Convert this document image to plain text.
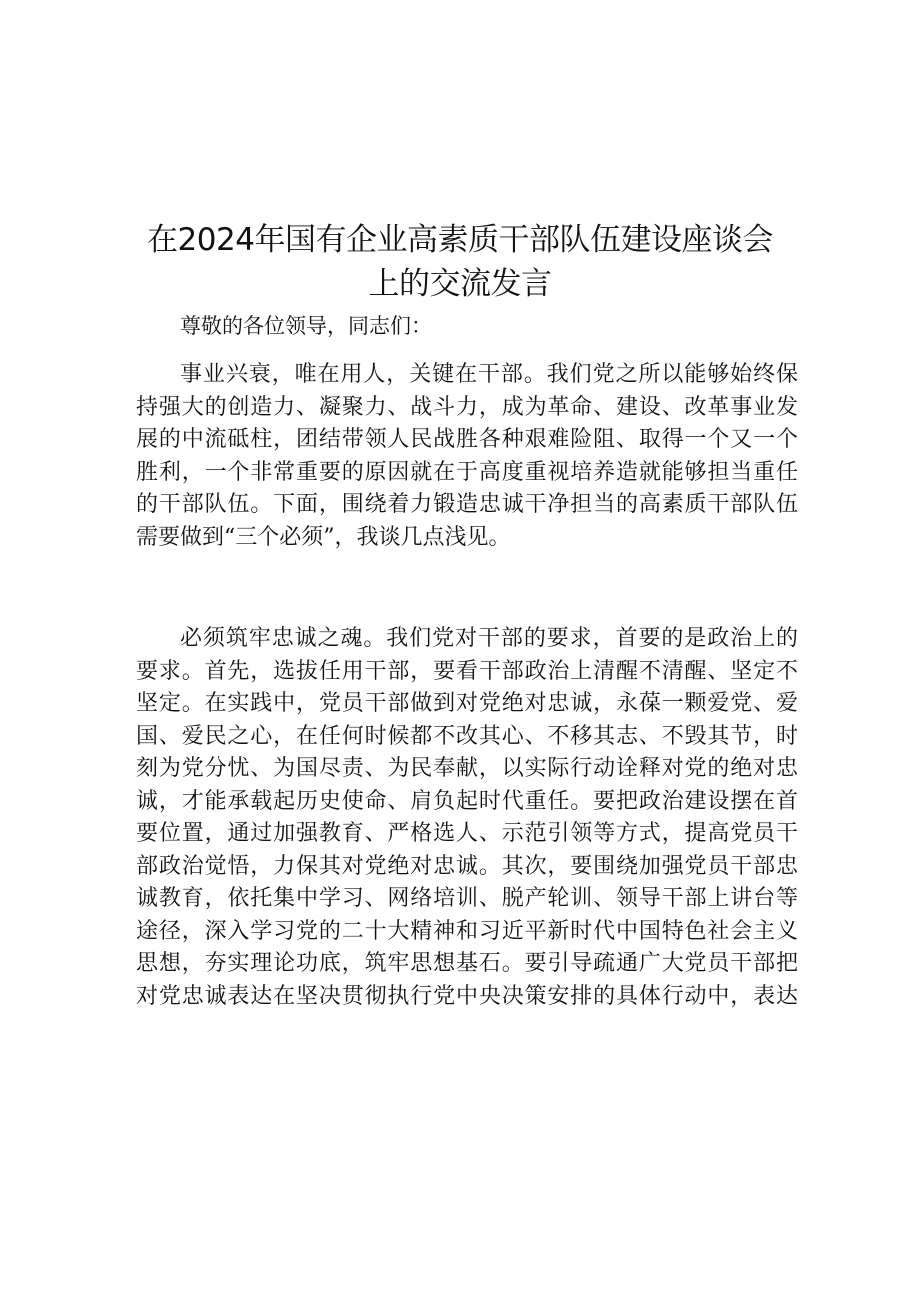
在2024年国有企业高素质干部队伍建设座谈会
上的交流发言

尊敬的各位领导，同志们：

事业兴衰，唯在用人，关键在干部。我们党之所以能够始终保
持强大的创造力、凝聚力、战斗力，成为革命、建设、改革事业发
展的中流砥柱，团结带领人民战胜各种艰难险阻、取得一个又一个
胜利，一个非常重要的原因就在于高度重视培养造就能够担当重任
的干部队伍。下面，围绕着力锻造忠诚干净担当的高素质干部队伍
需要做到“三个必须”，我谈几点浅见。
必须筑牢忠诚之魂。我们党对干部的要求，首要的是政治上的
要求。首先，选拔任用干部，要看干部政治上清醒不清醒、坚定不
坚定。在实践中，党员干部做到对党绝对忠诚，永葆一颗爱党、爱
国、爱民之心，在任何时候都不改其心、不移其志、不毁其节，时
刻为党分忧、为国尽责、为民奉献，以实际行动诠释对党的绝对忠
诚，才能承载起历史使命、肩负起时代重任。要把政治建设摆在首
要位置，通过加强教育、严格选人、示范引领等方式，提高党员干
部政治觉悟，力保其对党绝对忠诚。其次，要围绕加强党员干部忠
诚教育，依托集中学习、网络培训、脱产轮训、领导干部上讲台等
途径，深入学习党的二十大精神和习近平新时代中国特色社会主义
思想，夯实理论功底，筑牢思想基石。要引导疏通广大党员干部把
对党忠诚表达在坚决贯彻执行党中央决策安排的具体行动中，表达
